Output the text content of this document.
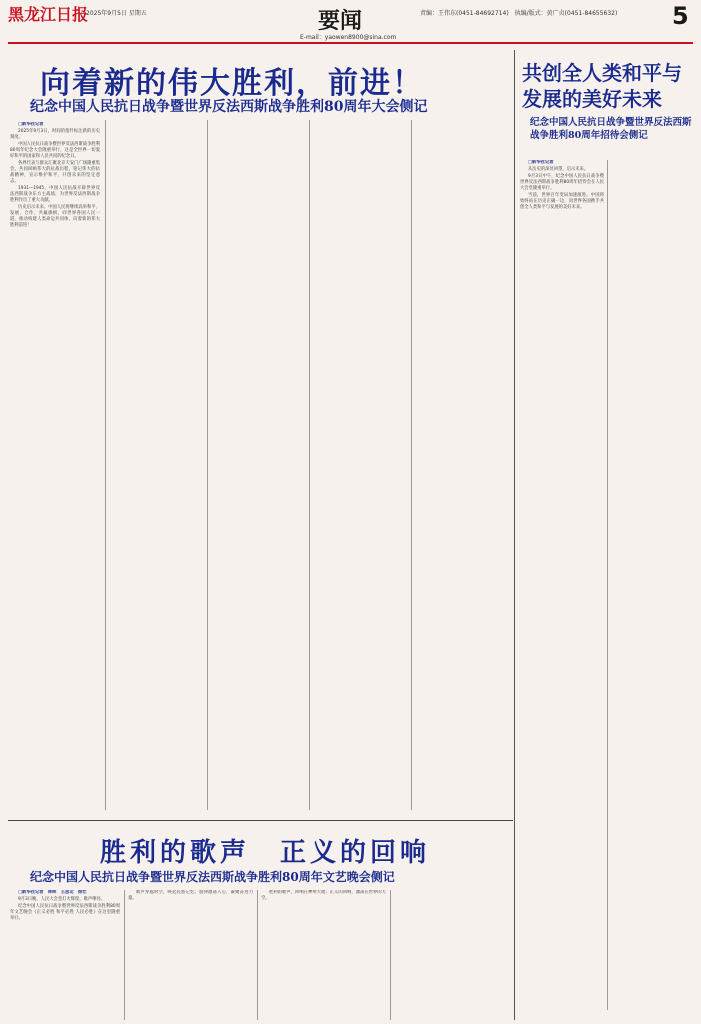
黑龙江日报
2025年9月5日 星期五	要闻
E-mail：yaowen8900@sina.com
责编：王伟东(0451-84692714)　执编/版式：黄广贞(0451-84655632) 5
向着新的伟大胜利，前进！
纪念中国人民抗日战争暨世界反法西斯战争胜利80周年大会侧记

□新华社记者

2025年9月3日，时间的指针标注新的历史刻度。

中国人民抗日战争暨世界反法西斯战争胜利80周年纪念大会隆重举行，这是全世界一切爱好和平的国家和人民共同的纪念日。

各界代表与群众汇聚北京天安门广场隆重集会，共同回顾伟大的抗战历程，铭记伟大的抗战精神，宣示维护和平、开创未来的坚定意志。

1931—1945，中国人民抗战开辟世界反法西斯战争东方主战场，为世界反法西斯战争胜利作出了重大贡献。

历史启示未来。中国人民将继续高举和平、发展、合作、共赢旗帜，同世界各国人民一道，推动构建人类命运共同体，向着新的伟大胜利前进！

共创全人类和平与发展的美好未来
纪念中国人民抗日战争暨世界反法西斯战争胜利80周年招待会侧记

□新华社记者

从历史的深处回望，启示未来。

9月3日中午，纪念中国人民抗日战争暨世界反法西斯战争胜利80周年招待会在人民大会堂隆重举行。

当前，世界百年变局加速演进。中国将始终站在历史正确一边，同世界各国携手共创全人类和平与发展的美好未来。

胜利的歌声　正义的回响
纪念中国人民抗日战争暨世界反法西斯战争胜利80周年文艺晚会侧记

□新华社记者　林晖　王思北　徐壮

9月3日晚，人民大会堂灯火辉煌，歌声嘹亮。

纪念中国人民抗日战争暨世界反法西斯战争胜利80周年文艺晚会《正义必胜 和平必胜 人民必胜》在这里隆重举行。

歌声穿越时空，唤起民族记忆；旋律激荡人心，凝聚奋进力量。

胜利的歌声，回响在神州大地；正义的回响，激荡在世界的天空。
